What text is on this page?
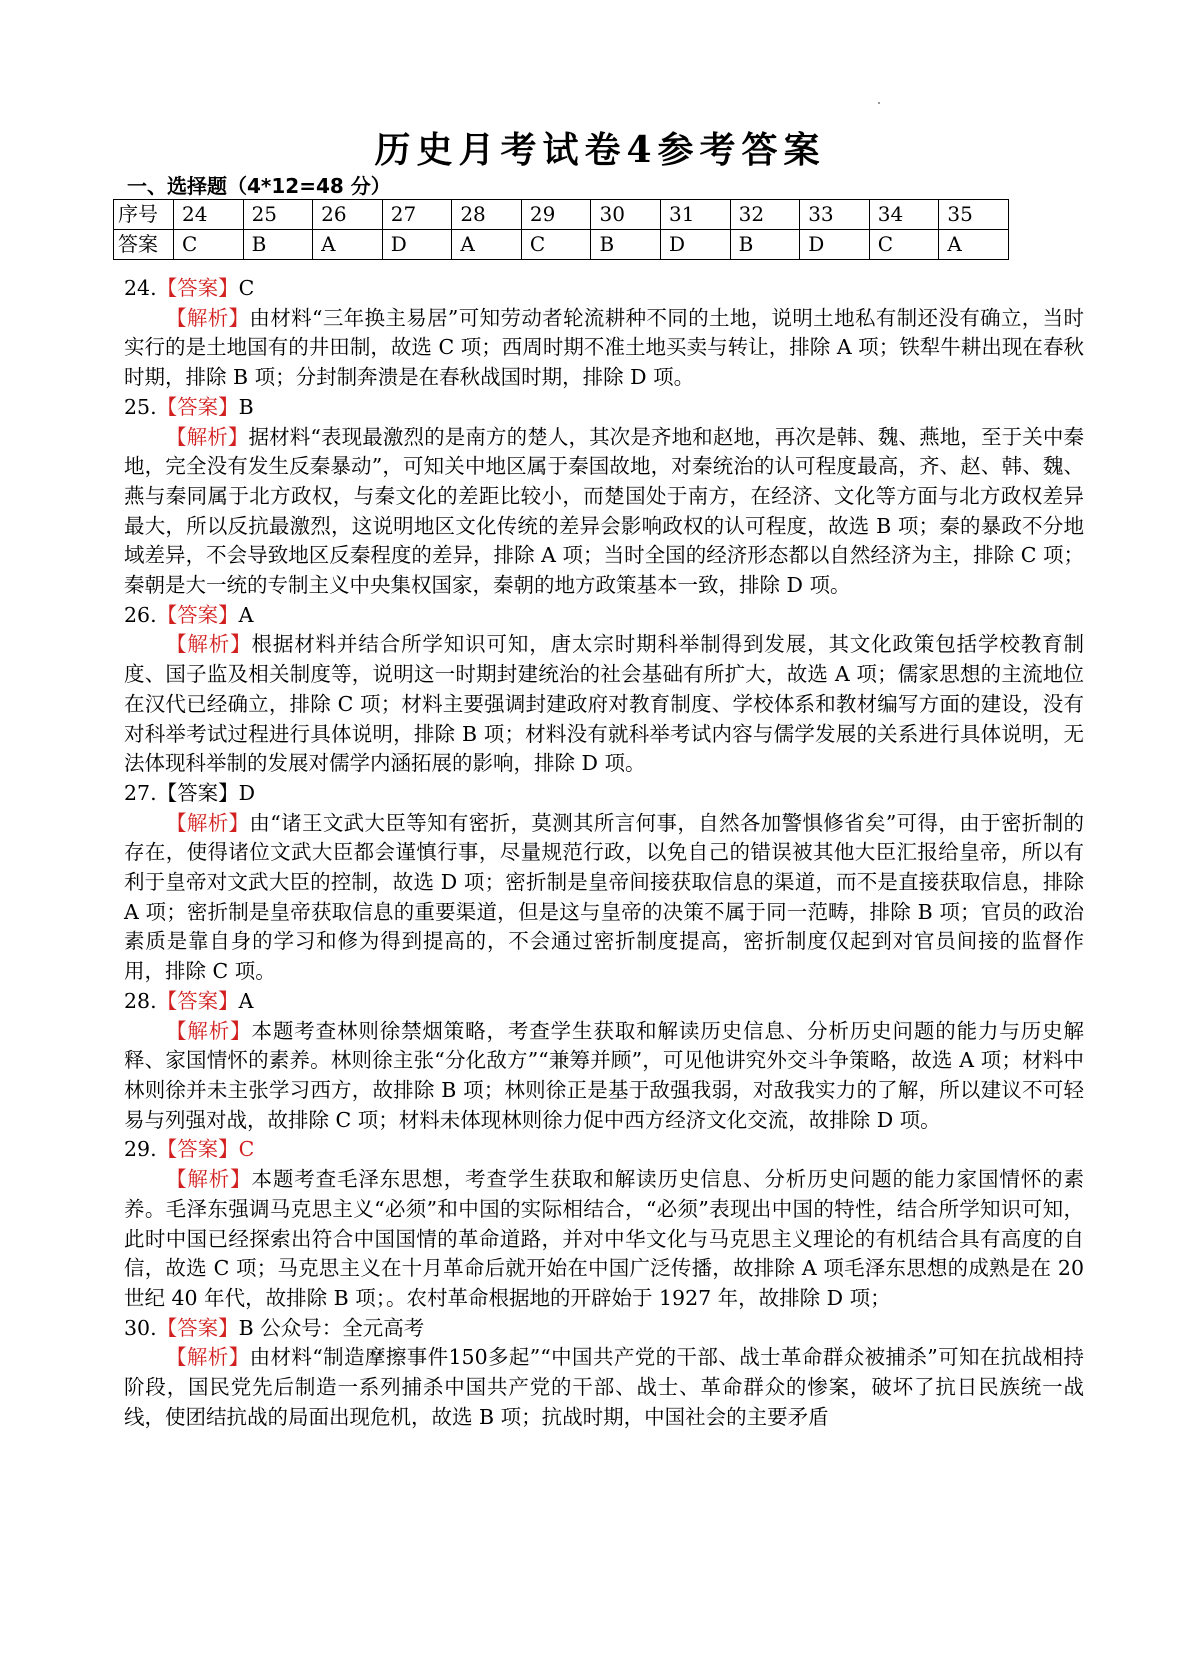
历史月考试卷4参考答案
一、选择题（4*12=48 分）
序号	24	25	26	27	28	29	30	31	32	33	34	35
答案	C	B	A	D	A	C	B	D	B	D	C	A

24.【答案】C

【解析】由材料“三年换主易居”可知劳动者轮流耕种不同的土地，说明土地私有制还没有确立，当时实行的是土地国有的井田制，故选 C 项；西周时期不准土地买卖与转让，排除 A 项；铁犁牛耕出现在春秋时期，排除 B 项；分封制奔溃是在春秋战国时期，排除 D 项。

25.【答案】B

【解析】据材料“表现最激烈的是南方的楚人，其次是齐地和赵地，再次是韩、魏、燕地，至于关中秦地，完全没有发生反秦暴动”，可知关中地区属于秦国故地，对秦统治的认可程度最高，齐、赵、韩、魏、燕与秦同属于北方政权，与秦文化的差距比较小，而楚国处于南方，在经济、文化等方面与北方政权差异最大，所以反抗最激烈，这说明地区文化传统的差异会影响政权的认可程度，故选 B 项；秦的暴政不分地域差异，不会导致地区反秦程度的差异，排除 A 项；当时全国的经济形态都以自然经济为主，排除 C 项；秦朝是大一统的专制主义中央集权国家，秦朝的地方政策基本一致，排除 D 项。

26.【答案】A

【解析】根据材料并结合所学知识可知，唐太宗时期科举制得到发展，其文化政策包括学校教育制度、国子监及相关制度等，说明这一时期封建统治的社会基础有所扩大，故选 A 项；儒家思想的主流地位在汉代已经确立，排除 C 项；材料主要强调封建政府对教育制度、学校体系和教材编写方面的建设，没有对科举考试过程进行具体说明，排除 B 项；材料没有就科举考试内容与儒学发展的关系进行具体说明，无法体现科举制的发展对儒学内涵拓展的影响，排除 D 项。

27.【答案】D

【解析】由“诸王文武大臣等知有密折，莫测其所言何事，自然各加警惧修省矣”可得，由于密折制的存在，使得诸位文武大臣都会谨慎行事，尽量规范行政，以免自己的错误被其他大臣汇报给皇帝，所以有利于皇帝对文武大臣的控制，故选 D 项；密折制是皇帝间接获取信息的渠道，而不是直接获取信息，排除 A 项；密折制是皇帝获取信息的重要渠道，但是这与皇帝的决策不属于同一范畴，排除 B 项；官员的政治素质是靠自身的学习和修为得到提高的，不会通过密折制度提高，密折制度仅起到对官员间接的监督作用，排除 C 项。

28.【答案】A

【解析】本题考查林则徐禁烟策略，考查学生获取和解读历史信息、分析历史问题的能力与历史解释、家国情怀的素养。林则徐主张“分化敌方”“兼筹并顾”，可见他讲究外交斗争策略，故选 A 项；材料中林则徐并未主张学习西方，故排除 B 项；林则徐正是基于敌强我弱，对敌我实力的了解，所以建议不可轻易与列强对战，故排除 C 项；材料未体现林则徐力促中西方经济文化交流，故排除 D 项。

29.【答案】C

【解析】本题考查毛泽东思想，考查学生获取和解读历史信息、分析历史问题的能力家国情怀的素养。毛泽东强调马克思主义“必须”和中国的实际相结合，“必须”表现出中国的特性，结合所学知识可知，此时中国已经探索出符合中国国情的革命道路，并对中华文化与马克思主义理论的有机结合具有高度的自信，故选 C 项；马克思主义在十月革命后就开始在中国广泛传播，故排除 A 项毛泽东思想的成熟是在 20 世纪 40 年代，故排除 B 项；。农村革命根据地的开辟始于 1927 年，故排除 D 项；

30.【答案】B 公众号：全元高考

【解析】由材料“制造摩擦事件150多起”“中国共产党的干部、战士革命群众被捕杀”可知在抗战相持阶段，国民党先后制造一系列捕杀中国共产党的干部、战士、革命群众的惨案，破坏了抗日民族统一战线，使团结抗战的局面出现危机，故选 B 项；抗战时期，中国社会的主要矛盾
